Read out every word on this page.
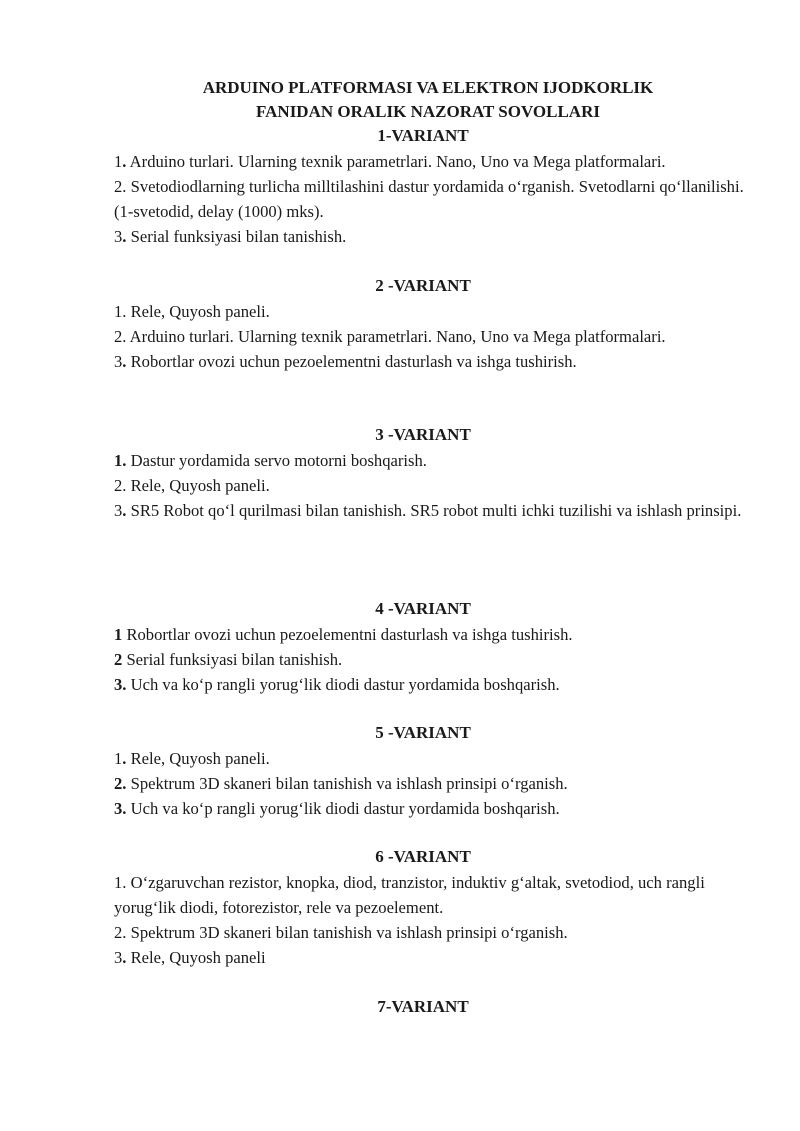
ARDUINO PLATFORMASI VA ELEKTRON IJODKORLIK
FANIDAN ORALIK NAZORAT SOVOLLARI
1-VARIANT
1. Arduino turlari. Ularning texnik parametrlari. Nano, Uno va Mega platformalari.
2. Svetodiodlarning turlicha milltilashini dastur yordamida o‘rganish. Svetodlarni qo‘llanilishi. (1-svetodid, delay (1000) mks).
3. Serial funksiyasi bilan tanishish.
2 -VARIANT
1. Rele, Quyosh paneli.
2. Arduino turlari. Ularning texnik parametrlari. Nano, Uno va Mega platformalari.
3. Robortlar ovozi uchun pezoelementni dasturlash va ishga tushirish.
3 -VARIANT
1. Dastur yordamida servo motorni boshqarish.
2. Rele, Quyosh paneli.
3. SR5 Robot qo‘l qurilmasi bilan tanishish. SR5 robot multi ichki tuzilishi va ishlash prinsipi.
4 -VARIANT
1 Robortlar ovozi uchun pezoelementni dasturlash va ishga tushirish.
2 Serial funksiyasi bilan tanishish.
3. Uch va ko‘p rangli yorug‘lik diodi dastur yordamida boshqarish.
5 -VARIANT
1. Rele, Quyosh paneli.
2. Spektrum 3D skaneri bilan tanishish va ishlash prinsipi o‘rganish.
3. Uch va ko‘p rangli yorug‘lik diodi dastur yordamida boshqarish.
6 -VARIANT
1. O‘zgaruvchan rezistor, knopka, diod, tranzistor, induktiv g‘altak, svetodiod, uch rangli yorug‘lik diodi, fotorezistor, rele va pezoelement.
2. Spektrum 3D skaneri bilan tanishish va ishlash prinsipi o‘rganish.
3. Rele, Quyosh paneli
7-VARIANT
